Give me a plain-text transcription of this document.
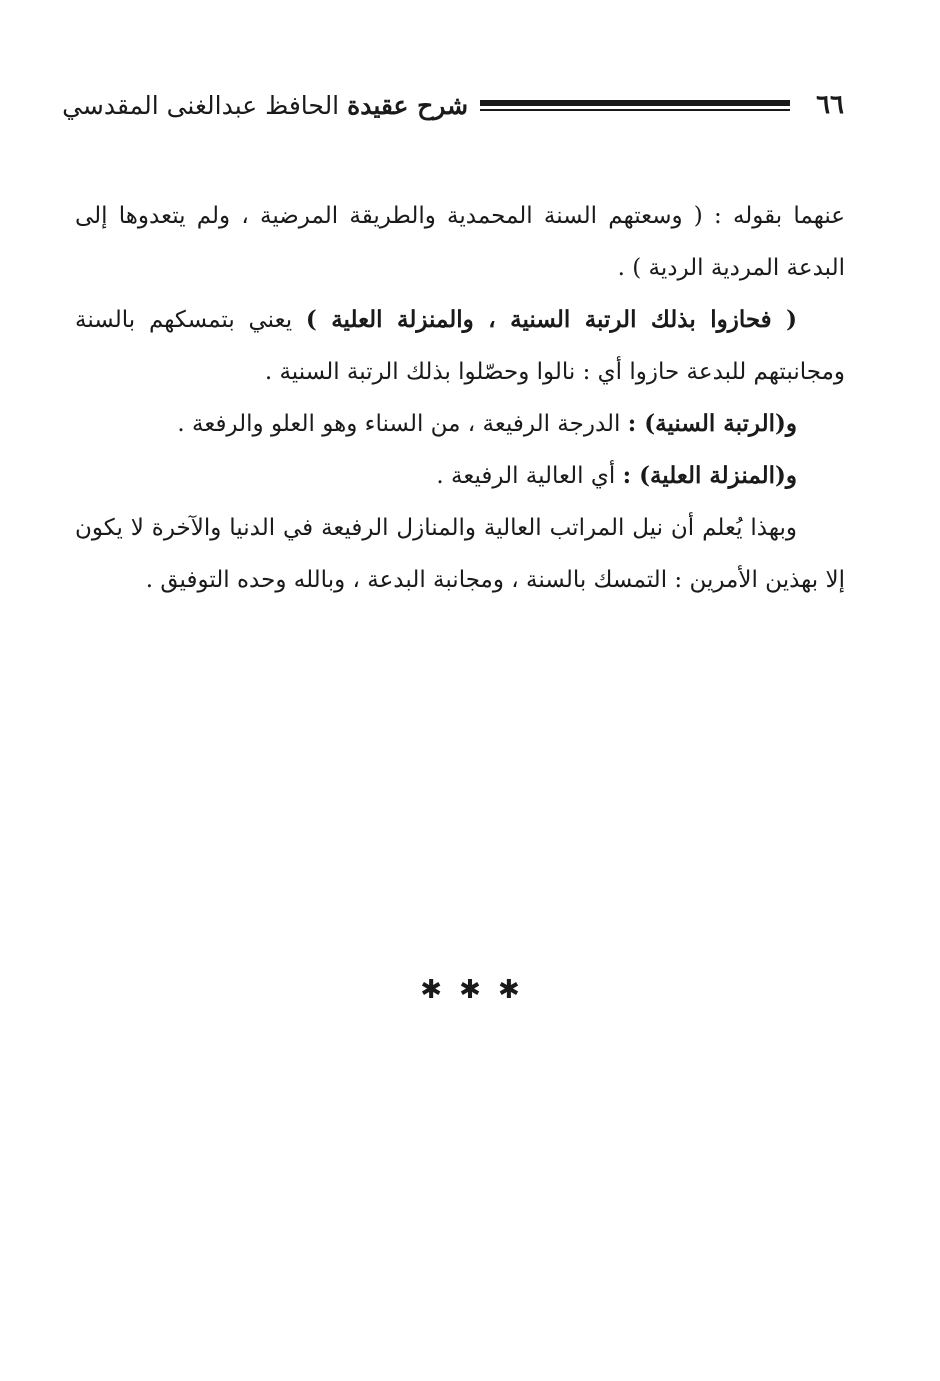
٦٦
شرح عقيدةالحافظ عبدالغنى المقدسي

عنهما بقوله : ( وسعتهم السنة المحمدية والطريقة المرضية ، ولم يتعدوها إلى البدعة المردية الردية ) .

( فحازوا بذلك الرتبة السنية ، والمنزلة العلية ) يعني بتمسكهم بالسنة ومجانبتهم للبدعة حازوا أي : نالوا وحصّلوا بذلك الرتبة السنية .

و(الرتبة السنية) : الدرجة الرفيعة ، من السناء وهو العلو والرفعة .

و(المنزلة العلية) : أي العالية الرفيعة .

وبهذا يُعلم أن نيل المراتب العالية والمنازل الرفيعة في الدنيا والآخرة لا يكون إلا بهذين الأمرين : التمسك بالسنة ، ومجانبة البدعة ، وبالله وحده التوفيق .

✱ ✱ ✱
